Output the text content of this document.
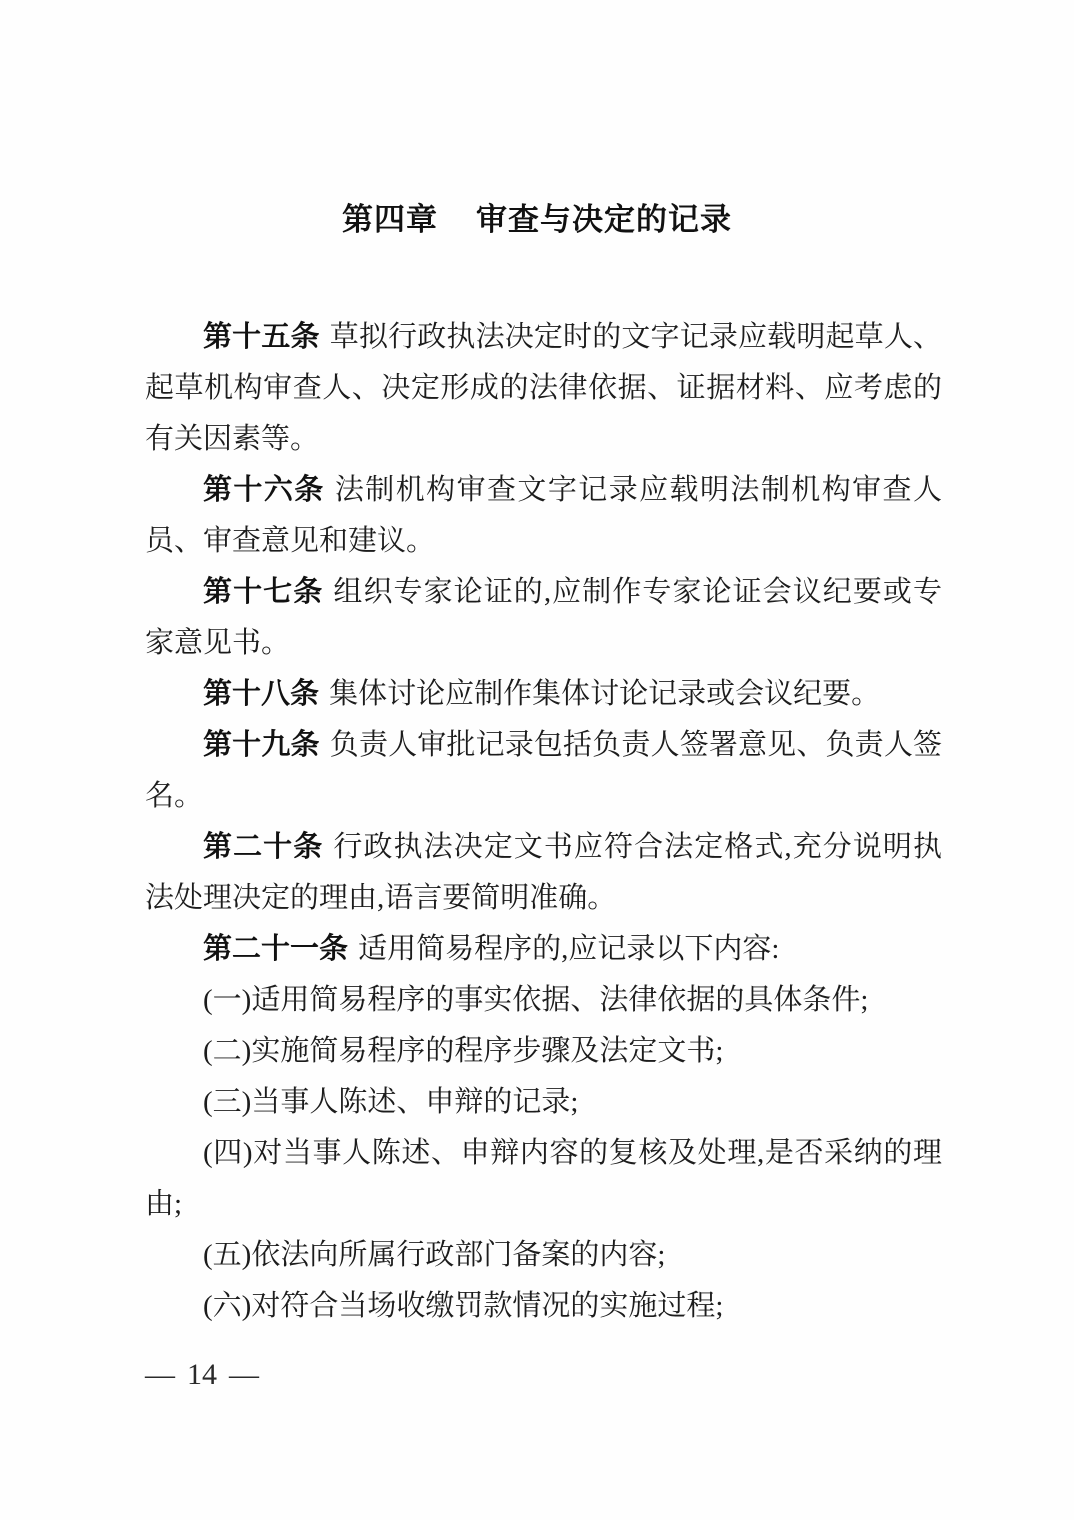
第四章 审查与决定的记录

第十五条 草拟行政执法决定时的文字记录应载明起草人、起草机构审查人、决定形成的法律依据、证据材料、应考虑的有关因素等。

第十六条 法制机构审查文字记录应载明法制机构审查人员、审查意见和建议。

第十七条 组织专家论证的,应制作专家论证会议纪要或专家意见书。

第十八条 集体讨论应制作集体讨论记录或会议纪要。

第十九条 负责人审批记录包括负责人签署意见、负责人签名。

第二十条 行政执法决定文书应符合法定格式,充分说明执法处理决定的理由,语言要简明准确。

第二十一条 适用简易程序的,应记录以下内容:

(一)适用简易程序的事实依据、法律依据的具体条件;

(二)实施简易程序的程序步骤及法定文书;

(三)当事人陈述、申辩的记录;

(四)对当事人陈述、申辩内容的复核及处理,是否采纳的理由;

(五)依法向所属行政部门备案的内容;

(六)对符合当场收缴罚款情况的实施过程;

— 14 —
